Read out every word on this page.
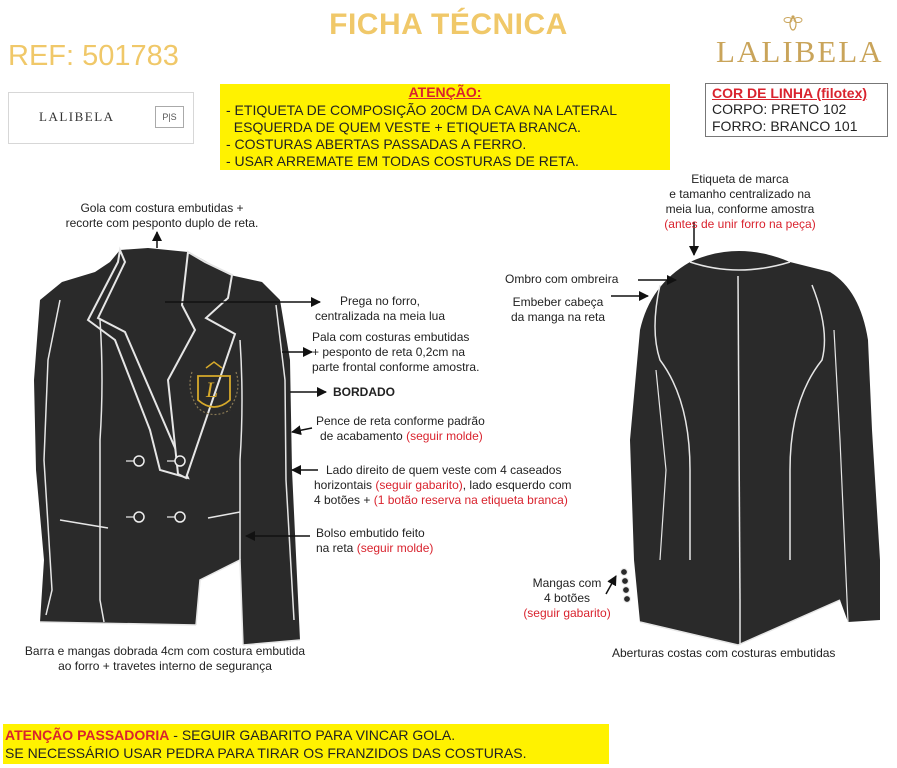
FICHA TÉCNICA
REF: 501783	LALIBELA
LALIBELA	P|S
ATENÇÃO:
- ETIQUETA DE COMPOSIÇÃO 20CM DA CAVA NA LATERAL
ESQUERDA DE QUEM VESTE + ETIQUETA BRANCA.
- COSTURAS ABERTAS PASSADAS A FERRO.
- USAR ARREMATE EM TODAS COSTURAS DE RETA.
COR DE LINHA (filotex)
CORPO: PRETO 102
FORRO: BRANCO 101
L
Gola com costura embutidas +
recorte com pesponto duplo de reta.
Prega no forro,
centralizada na meia lua
Pala com costuras embutidas
+ pesponto de reta 0,2cm na
parte frontal conforme amostra.
BORDADO
Pence de reta conforme padrão
de acabamento (seguir molde)
Lado direito de quem veste com 4 caseados
horizontais (seguir gabarito), lado esquerdo com
4 botões + (1 botão reserva na etiqueta branca)
Bolso embutido feito
na reta (seguir molde)
Barra e mangas dobrada 4cm com costura embutida
ao forro + travetes interno de segurança
Etiqueta de marca
e tamanho centralizado na
meia lua, conforme amostra
(antes de unir forro na peça)
Ombro com ombreira
Embeber cabeça
da manga na reta
Mangas com
4 botões
(seguir gabarito)
Aberturas costas com costuras embutidas
ATENÇÃO PASSADORIA - SEGUIR GABARITO PARA VINCAR GOLA.
SE NECESSÁRIO USAR PEDRA PARA TIRAR OS FRANZIDOS DAS COSTURAS.
